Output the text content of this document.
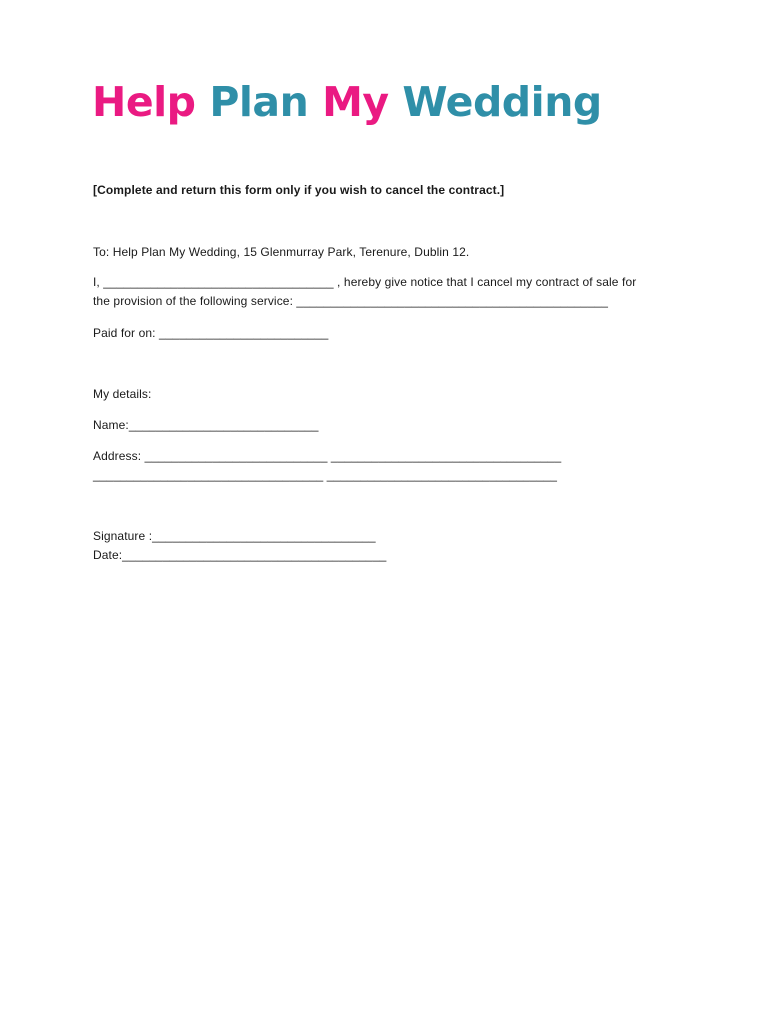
Help Plan My Wedding
[Complete and return this form only if you wish to cancel the contract.]
To: Help Plan My Wedding, 15 Glenmurray Park, Terenure, Dublin 12.
I, __________________________________ , hereby give notice that I cancel my contract of sale for
the provision of the following service: ______________________________________________
Paid for on: _________________________
My details:
Name:____________________________
Address: ___________________________ __________________________________
__________________________________ __________________________________
Signature :_________________________________
Date:_______________________________________
